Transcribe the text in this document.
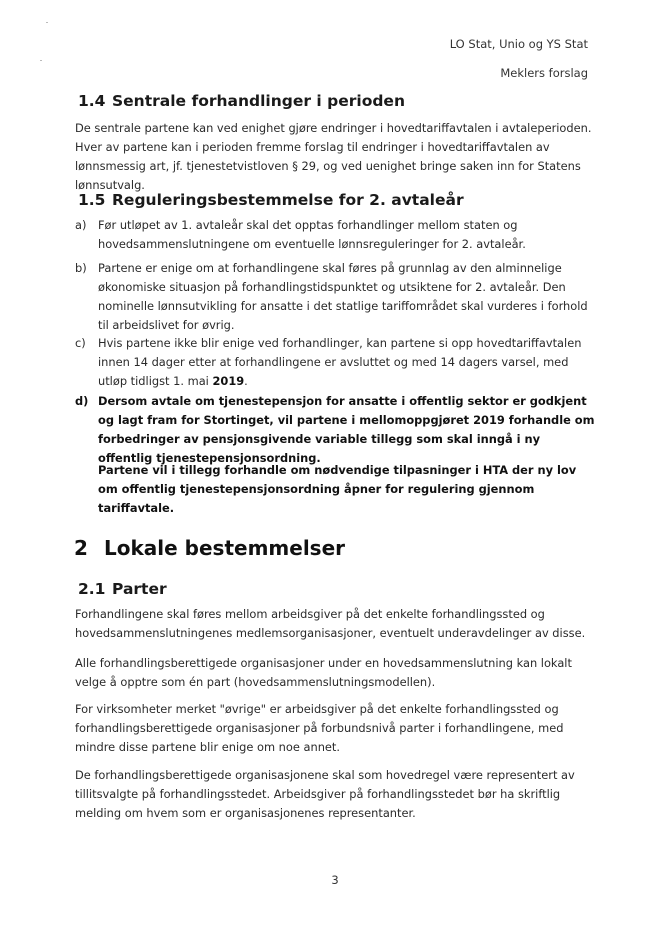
LO Stat, Unio og YS Stat
Meklers forslag
1.4 Sentrale forhandlinger i perioden

De sentrale partene kan ved enighet gjøre endringer i hovedtariffavtalen i avtaleperioden. Hver av partene kan i perioden fremme forslag til endringer i hovedtariffavtalen av lønnsmessig art, jf. tjenestetvistloven § 29, og ved uenighet bringe saken inn for Statens lønnsutvalg.

1.5 Reguleringsbestemmelse for 2. avtaleår
a)	Før utløpet av 1. avtaleår skal det opptas forhandlinger mellom staten og hovedsammenslutningene om eventuelle lønnsreguleringer for 2. avtaleår.
b) Partene er enige om at forhandlingene skal føres på grunnlag av den alminnelige økonomiske situasjon på forhandlingstidspunktet og utsiktene for 2. avtaleår. Den nominelle lønnsutvikling for ansatte i det statlige tariffområdet skal vurderes i forhold til arbeidslivet for øvrig.
c)	Hvis partene ikke blir enige ved forhandlinger, kan partene si opp hovedtariffavtalen innen 14 dager etter at forhandlingene er avsluttet og med 14 dagers varsel, med utløp tidligst 1. mai 2019.
d) Dersom avtale om tjenestepensjon for ansatte i offentlig sektor er godkjent og lagt fram for Stortinget, vil partene i mellomoppgjøret 2019 forhandle om forbedringer av pensjonsgivende variable tillegg som skal inngå i ny offentlig tjenestepensjonsordning.
Partene vil i tillegg forhandle om nødvendige tilpasninger i HTA der ny lov om offentlig tjenestepensjonsordning åpner for regulering gjennom tariffavtale.
2 Lokale bestemmelser
2.1 Parter

Forhandlingene skal føres mellom arbeidsgiver på det enkelte forhandlingssted og hovedsammenslutningenes medlemsorganisasjoner, eventuelt underavdelinger av disse.

Alle forhandlingsberettigede organisasjoner under en hovedsammenslutning kan lokalt velge å opptre som én part (hovedsammenslutningsmodellen).

For virksomheter merket "øvrige" er arbeidsgiver på det enkelte forhandlingssted og forhandlingsberettigede organisasjoner på forbundsnivå parter i forhandlingene, med mindre disse partene blir enige om noe annet.

De forhandlingsberettigede organisasjonene skal som hovedregel være representert av tillitsvalgte på forhandlingsstedet. Arbeidsgiver på forhandlingsstedet bør ha skriftlig melding om hvem som er organisasjonenes representanter.

3
